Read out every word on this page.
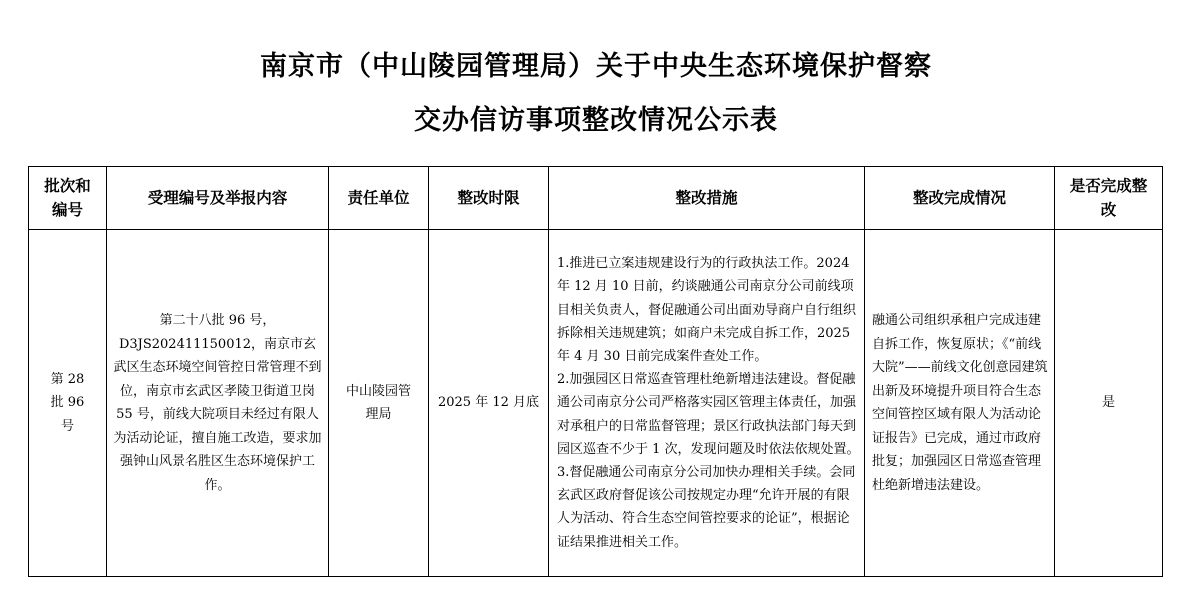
南京市（中山陵园管理局）关于中央生态环境保护督察
交办信访事项整改情况公示表
批次和编号	受理编号及举报内容	责任单位	整改时限	整改措施	整改完成情况	是否完成整改
第 28 批 96 号	第二十八批 96 号，D3JS202411150012，南京市玄武区生态环境空间管控日常管理不到位，南京市玄武区孝陵卫街道卫岗 55 号，前线大院项目未经过有限人为活动论证，擅自施工改造，要求加强钟山风景名胜区生态环境保护工作。	中山陵园管理局	2025 年 12 月底	1.推进已立案违规建设行为的行政执法工作。2024 年 12 月 10 日前，约谈融通公司南京分公司前线项目相关负责人，督促融通公司出面劝导商户自行组织拆除相关违规建筑；如商户未完成自拆工作，2025 年 4 月 30 日前完成案件查处工作。

2.加强园区日常巡查管理杜绝新增违法建设。督促融通公司南京分公司严格落实园区管理主体责任，加强对承租户的日常监督管理；景区行政执法部门每天到园区巡查不少于 1 次，发现问题及时依法依规处置。

3.督促融通公司南京分公司加快办理相关手续。会同玄武区政府督促该公司按规定办理“允许开展的有限人为活动、符合生态空间管控要求的论证”，根据论证结果推进相关工作。	融通公司组织承租户完成违建自拆工作，恢复原状；《“前线大院”——前线文化创意园建筑出新及环境提升项目符合生态空间管控区域有限人为活动论证报告》已完成，通过市政府批复；加强园区日常巡查管理杜绝新增违法建设。	是
